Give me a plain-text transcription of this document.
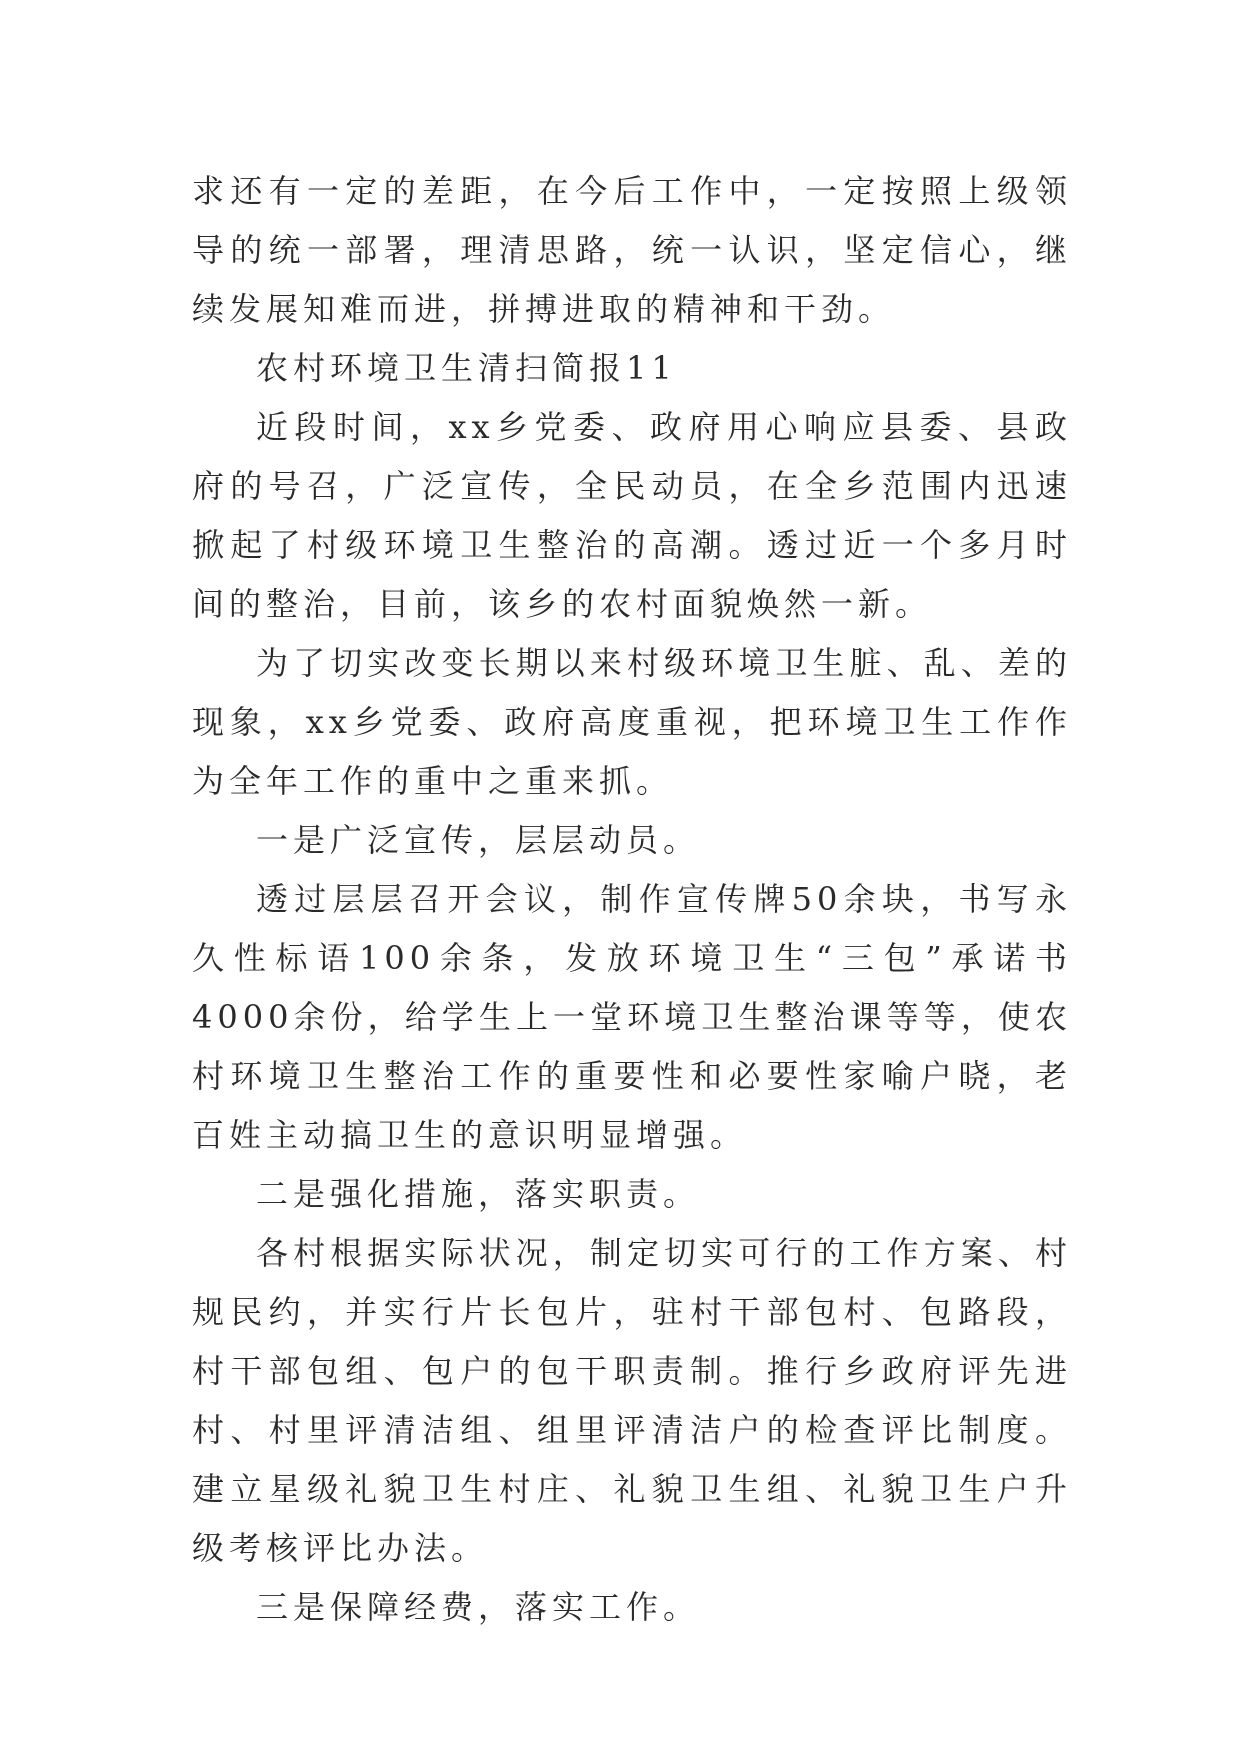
求还有一定的差距，在今后工作中，一定按照上级领导的统一部署，理清思路，统一认识，坚定信心，继续发展知难而进，拼搏进取的精神和干劲。

农村环境卫生清扫简报11

近段时间，xx乡党委、政府用心响应县委、县政府的号召，广泛宣传，全民动员，在全乡范围内迅速掀起了村级环境卫生整治的高潮。透过近一个多月时间的整治，目前，该乡的农村面貌焕然一新。

为了切实改变长期以来村级环境卫生脏、乱、差的现象，xx乡党委、政府高度重视，把环境卫生工作作为全年工作的重中之重来抓。

一是广泛宣传，层层动员。

透过层层召开会议，制作宣传牌50余块，书写永久性标语100余条，发放环境卫生“三包”承诺书4000余份，给学生上一堂环境卫生整治课等等，使农村环境卫生整治工作的重要性和必要性家喻户晓，老百姓主动搞卫生的意识明显增强。

二是强化措施，落实职责。

各村根据实际状况，制定切实可行的工作方案、村规民约，并实行片长包片，驻村干部包村、包路段，村干部包组、包户的包干职责制。推行乡政府评先进村、村里评清洁组、组里评清洁户的检查评比制度。建立星级礼貌卫生村庄、礼貌卫生组、礼貌卫生户升级考核评比办法。

三是保障经费，落实工作。
